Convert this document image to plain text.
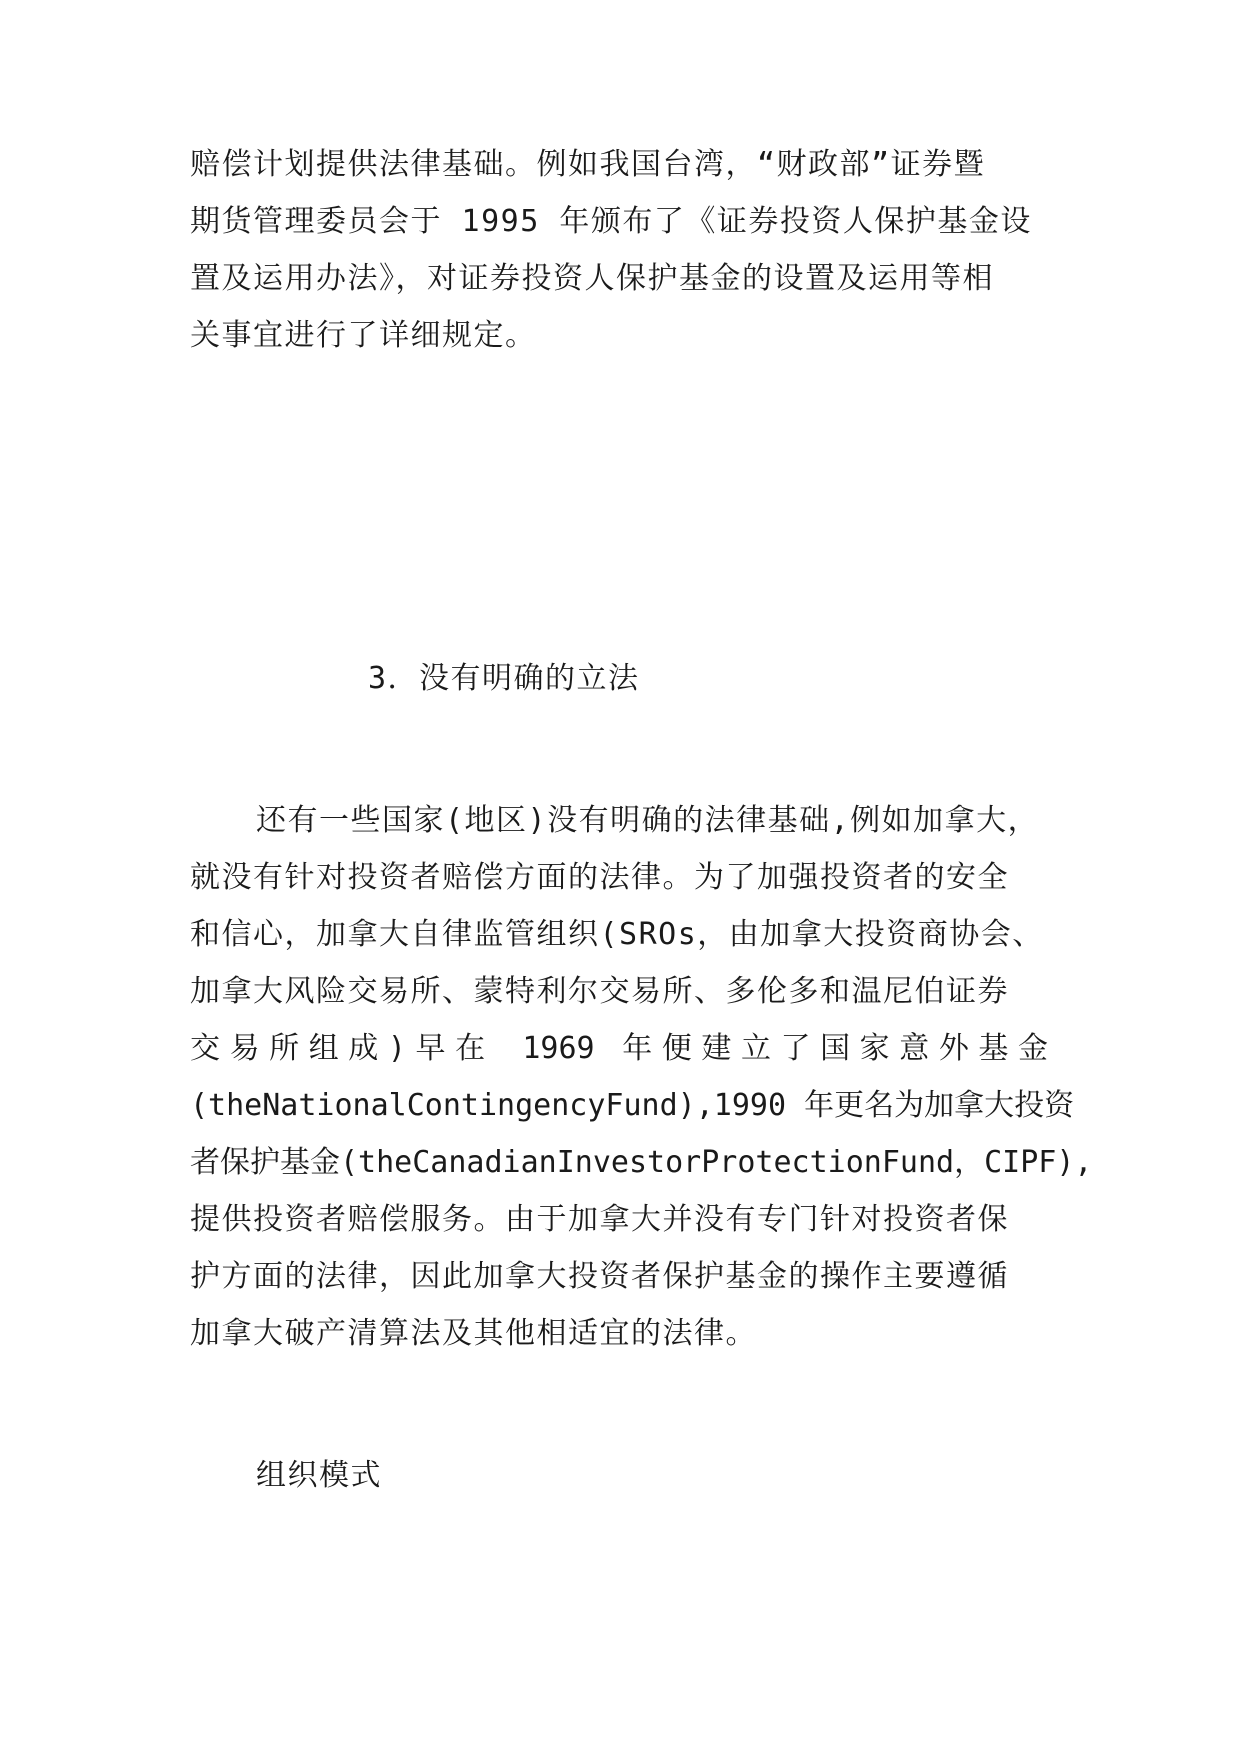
赔偿计划提供法律基础。例如我国台湾，“财政部”证券暨
期货管理委员会于 1995 年颁布了《证券投资人保护基金设
置及运用办法》，对证券投资人保护基金的设置及运用等相
关事宜进行了详细规定。
3．没有明确的立法
还有一些国家(地区)没有明确的法律基础,例如加拿大，
就没有针对投资者赔偿方面的法律。为了加强投资者的安全
和信心，加拿大自律监管组织(SROs，由加拿大投资商协会、
加拿大风险交易所、蒙特利尔交易所、多伦多和温尼伯证券
交易所组成)早在 1969 年便建立了国家意外基金
(theNationalContingencyFund),1990 年更名为加拿大投资
者保护基金(theCanadianInvestorProtectionFund，CIPF),
提供投资者赔偿服务。由于加拿大并没有专门针对投资者保
护方面的法律，因此加拿大投资者保护基金的操作主要遵循
加拿大破产清算法及其他相适宜的法律。
组织模式
